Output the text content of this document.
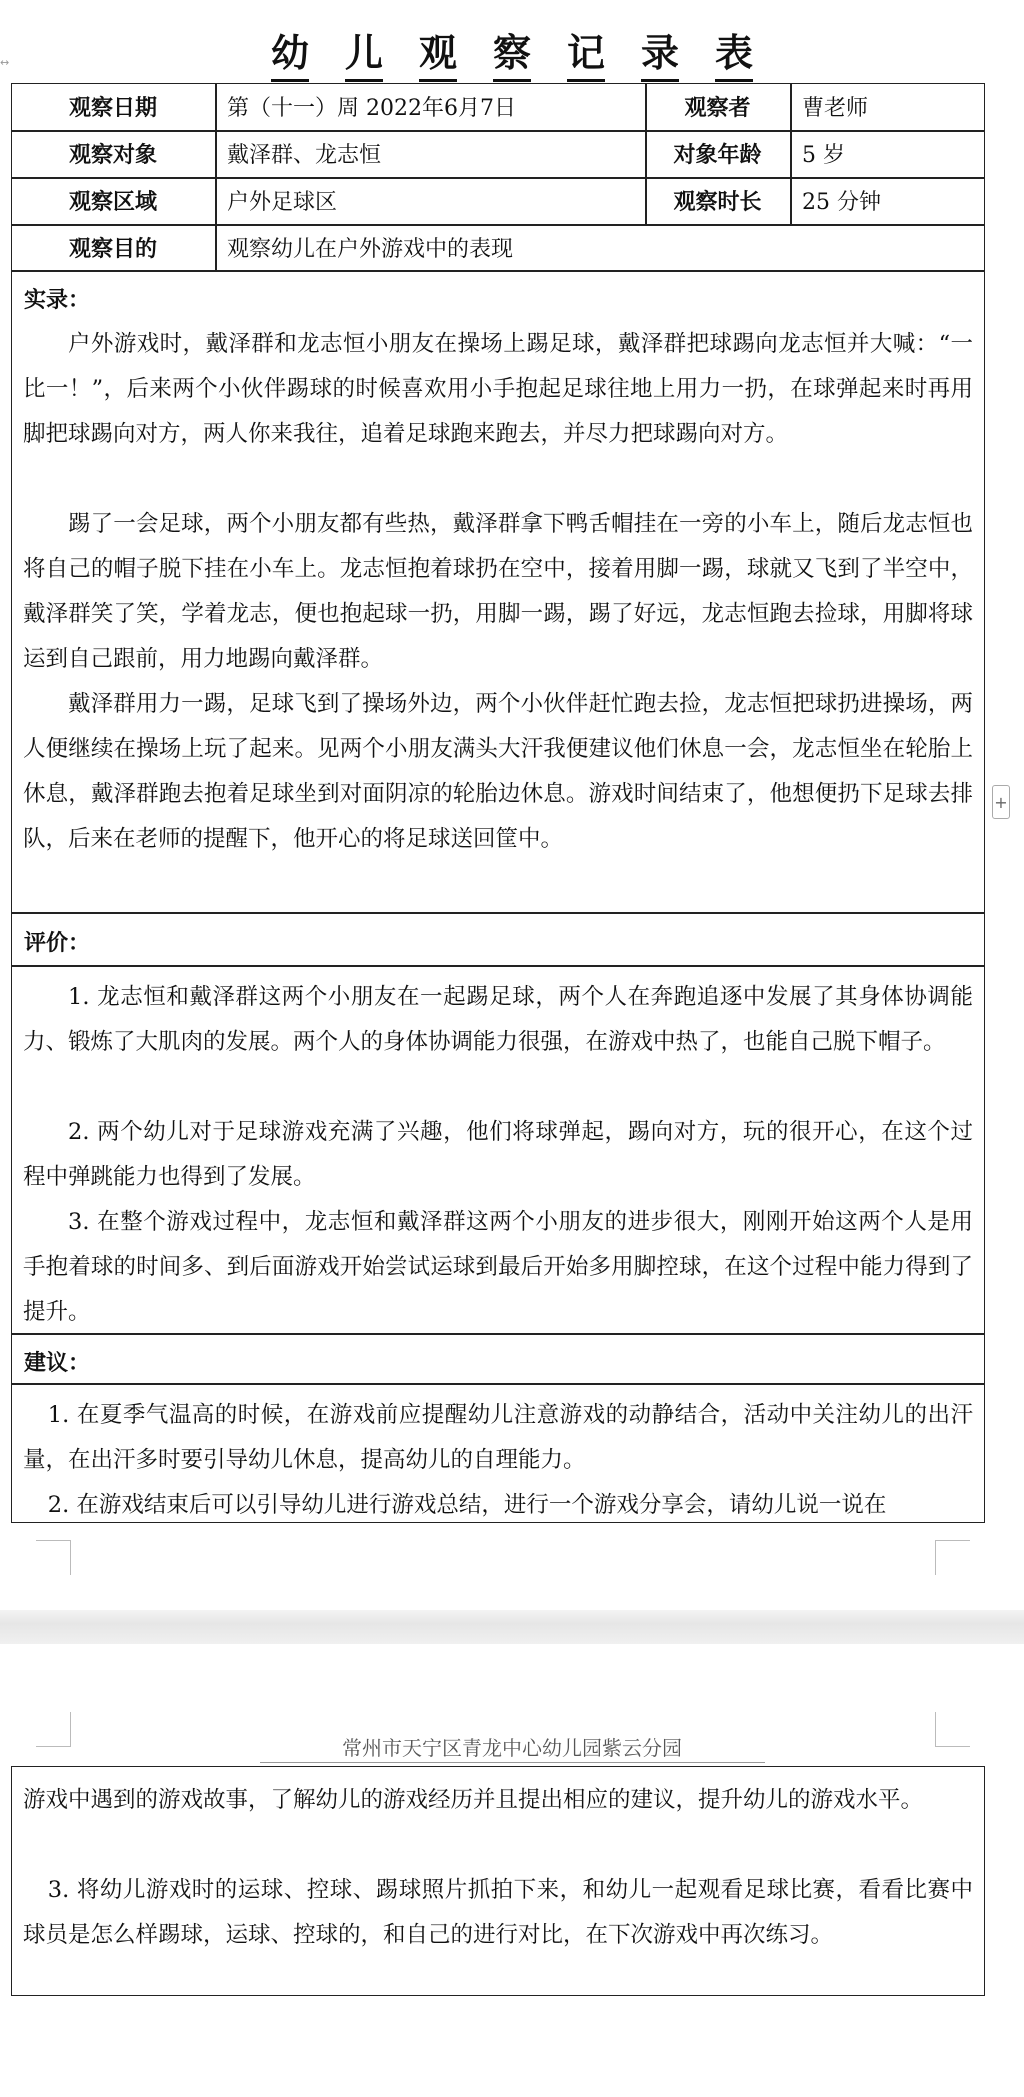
↔	幼 儿 观 察 记 录 表
观察日期	第（十一）周 2022年6月7日	观察者	曹老师
观察对象	戴泽群、龙志恒	对象年龄	5 岁
观察区域	户外足球区	观察时长	25 分钟
观察目的	观察幼儿在户外游戏中的表现
实录：

户外游戏时，戴泽群和龙志恒小朋友在操场上踢足球，戴泽群把球踢向龙志恒并大喊：“一比一！”，后来两个小伙伴踢球的时候喜欢用小手抱起足球往地上用力一扔，在球弹起来时再用脚把球踢向对方，两人你来我往，追着足球跑来跑去，并尽力把球踢向对方。

踢了一会足球，两个小朋友都有些热，戴泽群拿下鸭舌帽挂在一旁的小车上，随后龙志恒也将自己的帽子脱下挂在小车上。龙志恒抱着球扔在空中，接着用脚一踢，球就又飞到了半空中，戴泽群笑了笑，学着龙志，便也抱起球一扔，用脚一踢，踢了好远，龙志恒跑去捡球，用脚将球运到自己跟前，用力地踢向戴泽群。

戴泽群用力一踢，足球飞到了操场外边，两个小伙伴赶忙跑去捡，龙志恒把球扔进操场，两人便继续在操场上玩了起来。见两个小朋友满头大汗我便建议他们休息一会，龙志恒坐在轮胎上休息，戴泽群跑去抱着足球坐到对面阴凉的轮胎边休息。游戏时间结束了，他想便扔下足球去排队，后来在老师的提醒下，他开心的将足球送回筐中。

评价：

1. 龙志恒和戴泽群这两个小朋友在一起踢足球，两个人在奔跑追逐中发展了其身体协调能力、锻炼了大肌肉的发展。两个人的身体协调能力很强，在游戏中热了，也能自己脱下帽子。

2. 两个幼儿对于足球游戏充满了兴趣，他们将球弹起，踢向对方，玩的很开心，在这个过程中弹跳能力也得到了发展。

3. 在整个游戏过程中，龙志恒和戴泽群这两个小朋友的进步很大，刚刚开始这两个人是用手抱着球的时间多、到后面游戏开始尝试运球到最后开始多用脚控球，在这个过程中能力得到了提升。

建议：

1. 在夏季气温高的时候，在游戏前应提醒幼儿注意游戏的动静结合，活动中关注幼儿的出汗量，在出汗多时要引导幼儿休息，提高幼儿的自理能力。

2. 在游戏结束后可以引导幼儿进行游戏总结，进行一个游戏分享会，请幼儿说一说在

+
常州市天宁区青龙中心幼儿园紫云分园

游戏中遇到的游戏故事，了解幼儿的游戏经历并且提出相应的建议，提升幼儿的游戏水平。

3. 将幼儿游戏时的运球、控球、踢球照片抓拍下来，和幼儿一起观看足球比赛，看看比赛中球员是怎么样踢球，运球、控球的，和自己的进行对比，在下次游戏中再次练习。
